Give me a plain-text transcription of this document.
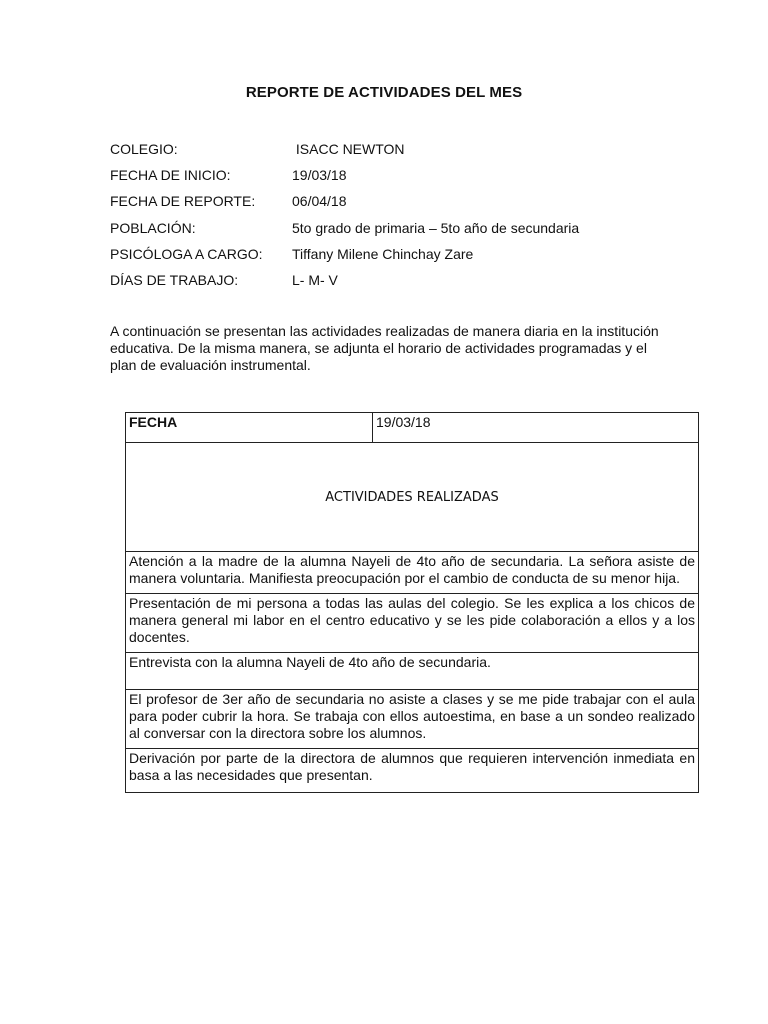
REPORTE DE ACTIVIDADES DEL MES
COLEGIO:	ISACC NEWTON
FECHA DE INICIO:	19/03/18
FECHA DE REPORTE:	06/04/18
POBLACIÓN:	5to grado de primaria – 5to año de secundaria
PSICÓLOGA A CARGO: Tiffany Milene Chinchay Zare
DÍAS DE TRABAJO:	L- M- V

A continuación se presentan las actividades realizadas de manera diaria en la institución educativa. De la misma manera, se adjunta el horario de actividades programadas y el plan de evaluación instrumental.

FECHA	19/03/18
ACTIVIDADES REALIZADAS
Atención a la madre de la alumna Nayeli de 4to año de secundaria. La señora asiste de manera voluntaria. Manifiesta preocupación por el cambio de conducta de su menor hija.
Presentación de mi persona a todas las aulas del colegio. Se les explica a los chicos de manera general mi labor en el centro educativo y se les pide colaboración a ellos y a los docentes.
Entrevista con la alumna Nayeli de 4to año de secundaria.
El profesor de 3er año de secundaria no asiste a clases y se me pide trabajar con el aula para poder cubrir la hora. Se trabaja con ellos autoestima, en base a un sondeo realizado al conversar con la directora sobre los alumnos.
Derivación por parte de la directora de alumnos que requieren intervención inmediata en basa a las necesidades que presentan.
